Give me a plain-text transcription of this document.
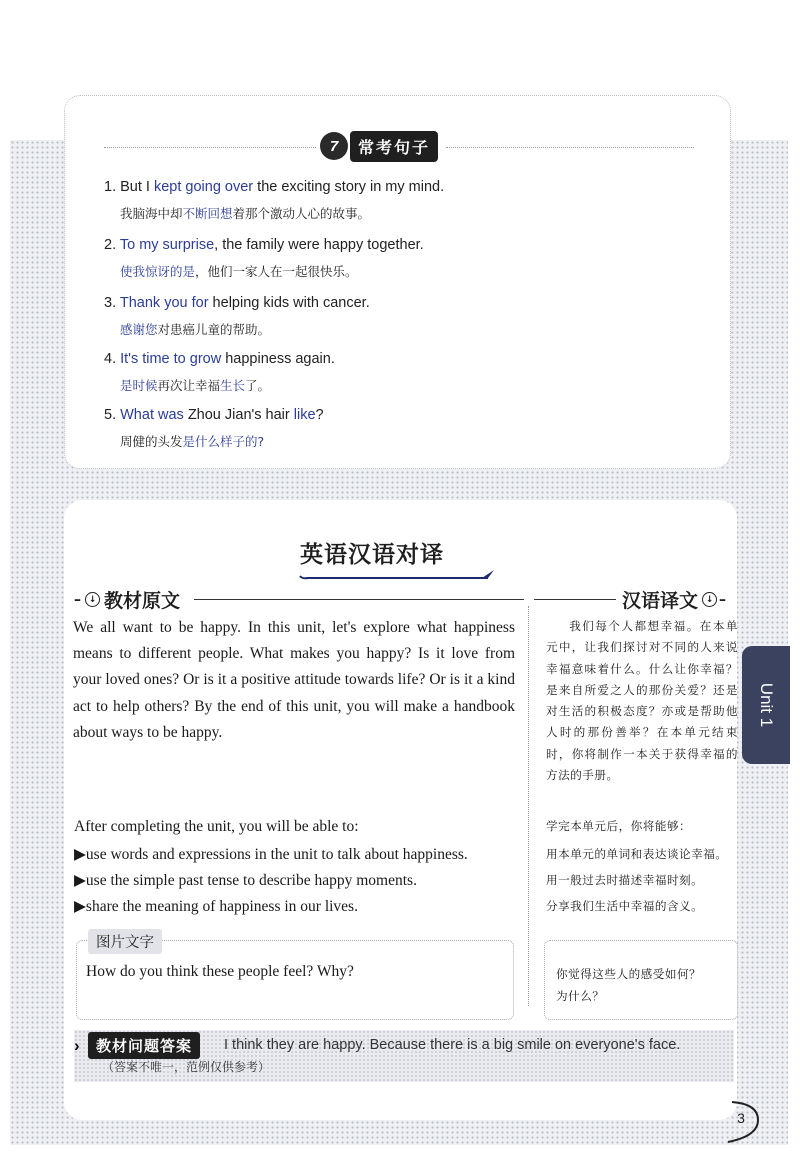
7	常考句子
1. But I kept going over the exciting story in my mind.
我脑海中却不断回想着那个激动人心的故事。
2. To my surprise, the family were happy together.
使我惊讶的是，他们一家人在一起很快乐。
3. Thank you for helping kids with cancer.
感谢您对患癌儿童的帮助。
4. It's time to grow happiness again.
是时候再次让幸福生长了。
5. What was Zhou Jian's hair like?
周健的头发是什么样子的?
英语汉语对译
– ↓ 教材原文	汉语译文 ↓ –
We all want to be happy. In this unit, let's explore what happiness means to different people. What makes you happy? Is it love from your loved ones? Or is it a positive attitude towards life? Or is it a kind act to help others? By the end of this unit, you will make a handbook about ways to be happy.
我们每个人都想幸福。在本单元中，让我们探讨对不同的人来说幸福意味着什么。什么让你幸福？是来自所爱之人的那份关爱？还是对生活的积极态度？亦或是帮助他人时的那份善举？在本单元结束时，你将制作一本关于获得幸福的方法的手册。
After completing the unit, you will be able to:	学完本单元后，你将能够：
▶use words and expressions in the unit to talk about happiness.
▶use the simple past tense to describe happy moments.
▶share the meaning of happiness in our lives.
用本单元的单词和表达谈论幸福。
用一般过去时描述幸福时刻。
分享我们生活中幸福的含义。
图片文字
How do you think these people feel? Why?	你觉得这些人的感受如何？
为什么？
›	教材问题答案	I think they are happy. Because there is a big smile on everyone's face.
（答案不唯一，范例仅供参考）
Unit 1
3
